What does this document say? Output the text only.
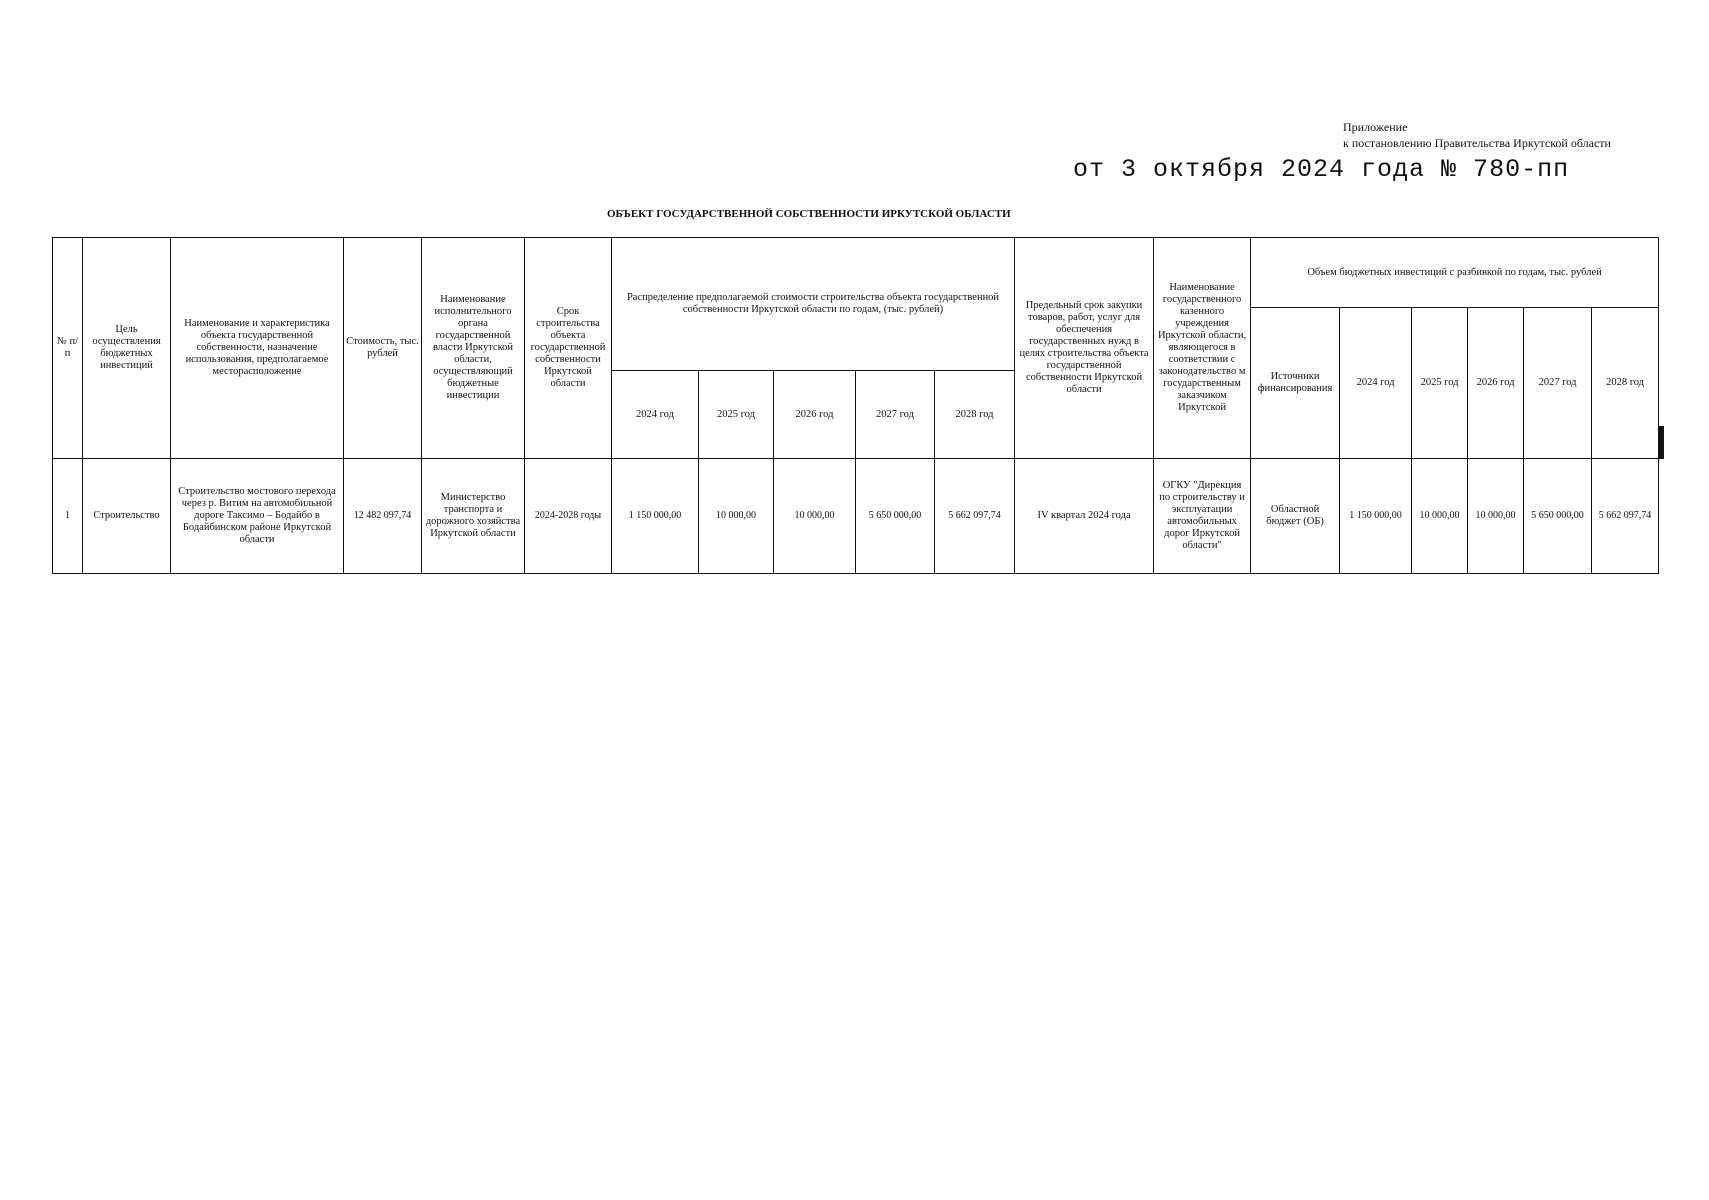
Приложение
к постановлению Правительства Иркутской области
от 3 октября 2024 года № 780-пп
ОБЪЕКТ ГОСУДАРСТВЕННОЙ СОБСТВЕННОСТИ ИРКУТСКОЙ ОБЛАСТИ
№ п/п	Цель осуществления бюджетных инвестиций	Наименование и характеристика объекта государственной собственности, назначение использования, предполагаемое месторасположение	Стоимость, тыс. рублей	Наименование исполнительного органа государственной власти Иркутской области, осуществляющий бюджетные инвестиции	Срок строительства объекта государственной собственности Иркутской области	Распределение предполагаемой стоимости строительства объекта государственной собственности Иркутской области по годам, (тыс. рублей)					Предельный срок закупки товаров, работ, услуг для обеспечения государственных нужд в целях строительства объекта государственной собственности Иркутской области	Наименование государственного казенного учреждения Иркутской области, являющегося в соответствии с законодательство м государственным заказчиком Иркутской	Объем бюджетных инвестиций с разбивкой по годам, тыс. рублей								
													Источники финансирования	2024 год	2025 год	2026 год	2027 год	2028 год			
						2024 год	2025 год	2026 год	2027 год	2028 год											

1	Строительство	Строительство мостового перехода через р. Витим на автомобильной дороге Таксимо – Бодайбо в Бодайбинском районе Иркутской области	12 482 097,74	Министерство транспорта и дорожного хозяйства Иркутской области	2024-2028 годы	1 150 000,00	10 000,00	10 000,00	5 650 000,00	5 662 097,74	IV квартал 2024 года	ОГКУ "Дирекция по строительству и эксплуатации автомобильных дорог Иркутской области"	Областной бюджет (ОБ)	1 150 000,00	10 000,00	10 000,00	5 650 000,00	5 662 097,74			
